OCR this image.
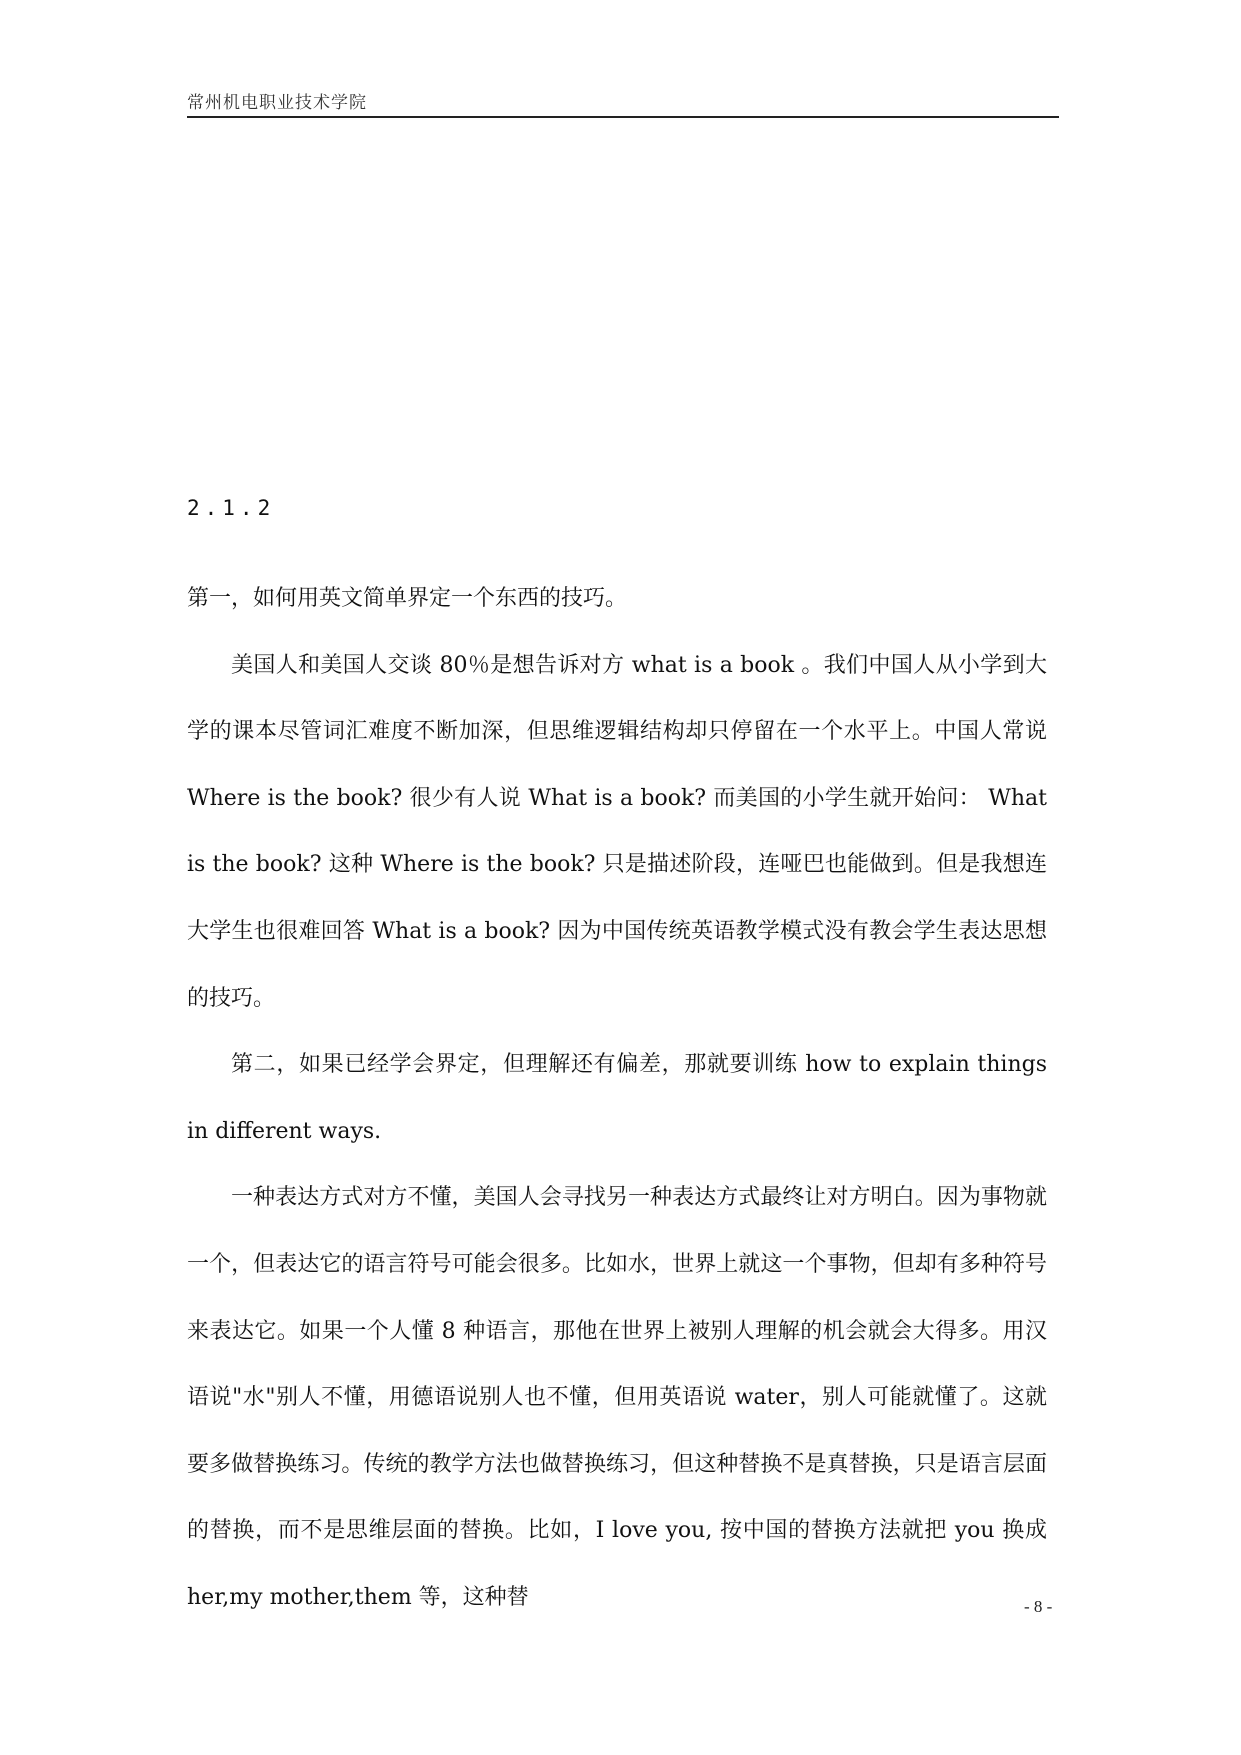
常州机电职业技术学院
2.1.2

第一，如何用英文简单界定一个东西的技巧。

美国人和美国人交谈 80％是想告诉对方 what is a book 。我们中国人从小学到大学的课本尽管词汇难度不断加深，但思维逻辑结构却只停留在一个水平上。中国人常说 Where is the book? 很少有人说 What is a book? 而美国的小学生就开始问： What is the book? 这种 Where is the book? 只是描述阶段，连哑巴也能做到。但是我想连大学生也很难回答 What is a book? 因为中国传统英语教学模式没有教会学生表达思想的技巧。

第二，如果已经学会界定，但理解还有偏差，那就要训练 how to explain things in different ways.

一种表达方式对方不懂，美国人会寻找另一种表达方式最终让对方明白。因为事物就一个，但表达它的语言符号可能会很多。比如水，世界上就这一个事物，但却有多种符号来表达它。如果一个人懂 8 种语言，那他在世界上被别人理解的机会就会大得多。用汉语说"水"别人不懂，用德语说别人也不懂，但用英语说 water，别人可能就懂了。这就要多做替换练习。传统的教学方法也做替换练习，但这种替换不是真替换，只是语言层面的替换，而不是思维层面的替换。比如，I love you, 按中国的替换方法就把 you 换成 her,my mother,them 等，这种替	- 8 -
